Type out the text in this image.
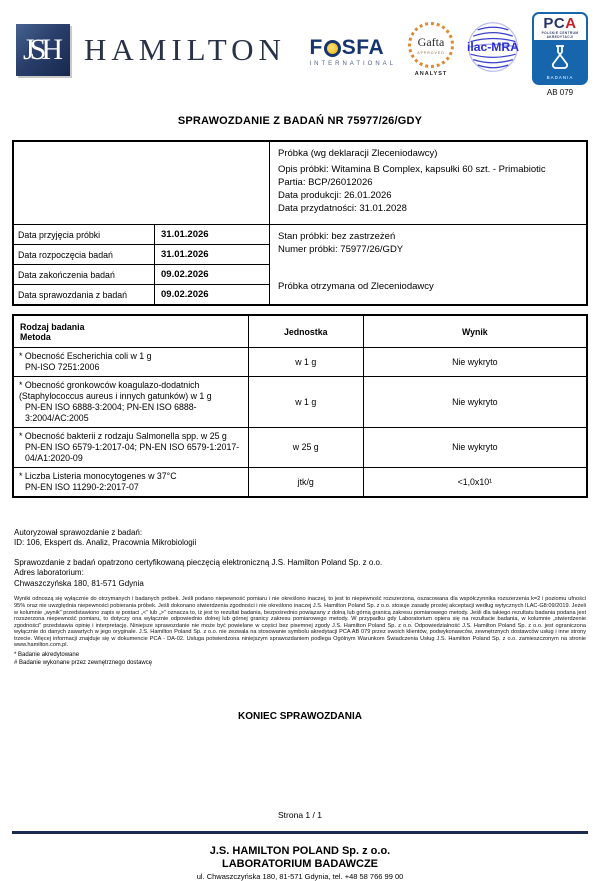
JSH HAMILTON F SFA
INTERNATIONAL
Gafta
APPROVED
ANALYST
ilac-MRA
PCA
POLSKIE CENTRUM
AKREDYTACJI
BADANIA
AB 079
SPRAWOZDANIE Z BADAŃ NR 75977/26/GDY
Próbka (wg deklaracji Zleceniodawcy)
Opis próbki: Witamina B Complex, kapsułki 60 szt. - Primabiotic
Partia: BCP/26012026
Data produkcji: 26.01.2026
Data przydatności: 31.01.2028
Data przyjęcia próbki	31.01.2026
Data rozpoczęcia badań	31.01.2026
Data zakończenia badań	09.02.2026
Data sprawozdania z badań	09.02.2026
Stan próbki: bez zastrzeżeń
Numer próbki: 75977/26/GDY
Próbka otrzymana od Zleceniodawcy
Rodzaj badania
Metoda	Jednostka	Wynik
* Obecność Escherichia coli w 1 g
PN-ISO 7251:2006	w 1 g	Nie wykryto
* Obecność gronkowców koagulazo-dodatnich (Staphylococcus aureus i innych gatunków) w 1 g
PN-EN ISO 6888-3:2004; PN-EN ISO 6888-3:2004/AC:2005	w 1 g	Nie wykryto
* Obecność bakterii z rodzaju Salmonella spp. w 25 g
PN-EN ISO 6579-1:2017-04; PN-EN ISO 6579-1:2017-04/A1:2020-09	w 25 g	Nie wykryto
* Liczba Listeria monocytogenes w 37°C
PN-EN ISO 11290-2:2017-07	jtk/g	<1,0x10¹
Autoryzował sprawozdanie z badań:
ID: 106, Ekspert ds. Analiz, Pracownia Mikrobiologii
Sprawozdanie z badań opatrzono certyfikowaną pieczęcią elektroniczną J.S. Hamilton Poland Sp. z o.o.
Adres laboratorium:
Chwaszczyńska 180, 81-571 Gdynia
Wyniki odnoszą się wyłącznie do otrzymanych i badanych próbek. Jeśli podano niepewność pomiaru i nie określono inaczej, to jest to niepewność rozszerzona, oszacowana dla współczynnika rozszerzenia k=2 i poziomu ufności 95% oraz nie uwzględnia niepewności pobierania próbek. Jeśli dokonano stwierdzenia zgodności i nie określono inaczej J.S. Hamilton Poland Sp. z o.o. stosuje zasadę prostej akceptacji według wytycznych ILAC-G8:09/2019. Jeżeli w kolumnie „wynik” przedstawiono zapis w postaci „<” lub „>” oznacza to, iż jest to rezultat badania, bezpośrednio powiązany z dolną lub górną granicą zakresu pomiarowego metody. Jeśli dla takiego rezultatu badania podana jest rozszerzona niepewność pomiaru, to dotyczy ona wyłącznie odpowiednio dolnej lub górnej granicy zakresu pomiarowego metody. W przypadku gdy Laboratorium opiera się na rezultacie badania, w kolumnie „stwierdzenie zgodności” przedstawia opinię i interpretację. Niniejsze sprawozdanie nie może być powielane w części bez pisemnej zgody J.S. Hamilton Poland Sp. z o.o. Odpowiedzialność J.S. Hamilton Poland Sp. z o.o. jest ograniczona wyłącznie do danych zawartych w jego oryginale. J.S. Hamilton Poland Sp. z o.o. nie zezwala na stosowanie symbolu akredytacji PCA AB 079 przez swoich klientów, podwykonawców, zewnętrznych dostawców usług i inne strony trzecie. Więcej informacji znajduje się w dokumencie PCA - DA-02. Usługa potwierdzona niniejszym sprawozdaniem podlega Ogólnym Warunkom Świadczenia Usług J.S. Hamilton Poland Sp. z o.o. zamieszczonym na stronie www.hamilton.com.pl.
* Badanie akredytowane
# Badanie wykonane przez zewnętrznego dostawcę
KONIEC SPRAWOZDANIA
Strona 1 / 1
J.S. HAMILTON POLAND Sp. z o.o.
LABORATORIUM BADAWCZE
ul. Chwaszczyńska 180, 81-571 Gdynia, tel. +48 58 766 99 00
